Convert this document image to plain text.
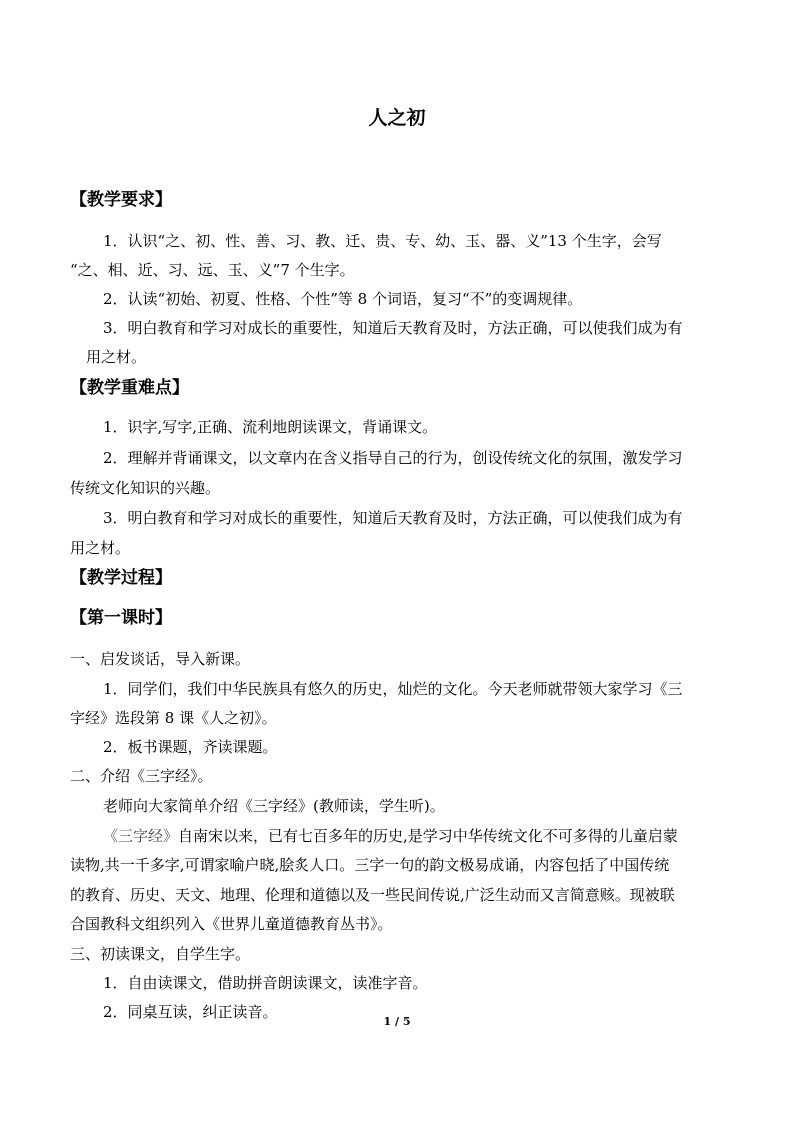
人之初
【教学要求】
1．认识“之、初、性、善、习、教、迁、贵、专、幼、玉、器、义”13 个生字，会写
“之、相、近、习、远、玉、义”7 个生字。
2．认读“初始、初夏、性格、个性”等 8 个词语，复习“不”的变调规律。
3．明白教育和学习对成长的重要性，知道后天教育及时，方法正确，可以使我们成为有
用之材。
【教学重难点】
1．识字,写字,正确、流利地朗读课文，背诵课文。
2．理解并背诵课文，以文章内在含义指导自己的行为，创设传统文化的氛围，激发学习
传统文化知识的兴趣。
3．明白教育和学习对成长的重要性，知道后天教育及时，方法正确，可以使我们成为有
用之材。
【教学过程】
【第一课时】
一、启发谈话，导入新课。
1．同学们，我们中华民族具有悠久的历史，灿烂的文化。今天老师就带领大家学习《三
字经》选段第 8 课《人之初》。
2．板书课题，齐读课题。
二、介绍《三字经》。
老师向大家简单介绍《三字经》(教师读，学生听)。
《三字经》自南宋以来，已有七百多年的历史,是学习中华传统文化不可多得的儿童启蒙
读物,共一千多字,可谓家喻户晓,脍炙人口。三字一句的韵文极易成诵，内容包括了中国传统
的教育、历史、天文、地理、伦理和道德以及一些民间传说,广泛生动而又言简意赅。现被联
合国教科文组织列入《世界儿童道德教育丛书》。
三、初读课文，自学生字。
1．自由读课文，借助拼音朗读课文，读准字音。
2．同桌互读，纠正读音。
1 / 5
